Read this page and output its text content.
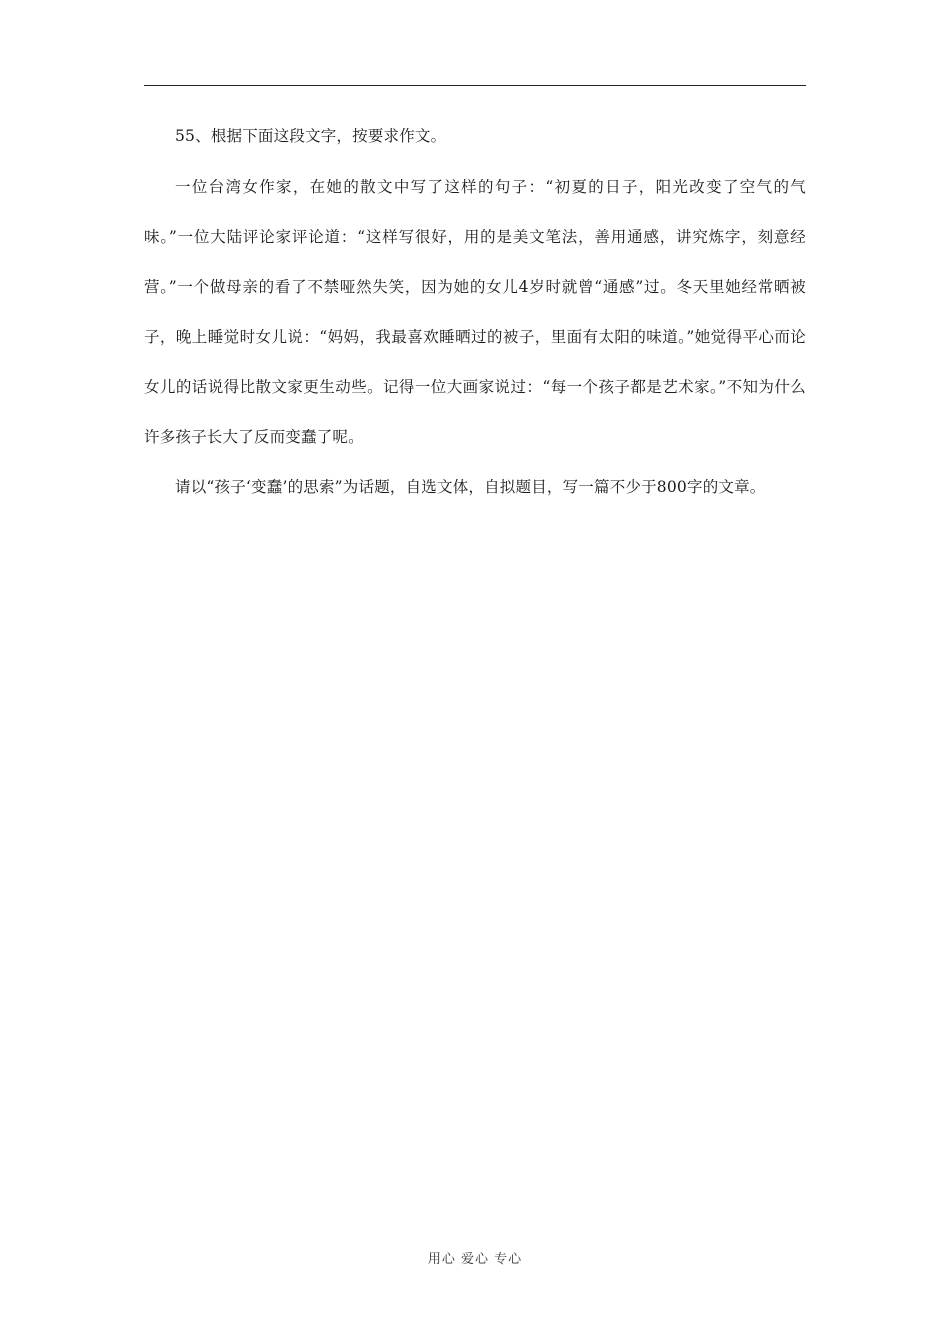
55、根据下面这段文字，按要求作文。

一位台湾女作家，在她的散文中写了这样的句子：“初夏的日子，阳光改变了空气的气味。”一位大陆评论家评论道：“这样写很好，用的是美文笔法，善用通感，讲究炼字，刻意经营。”一个做母亲的看了不禁哑然失笑，因为她的女儿4岁时就曾“通感”过。冬天里她经常晒被子，晚上睡觉时女儿说：“妈妈，我最喜欢睡晒过的被子，里面有太阳的味道。”她觉得平心而论女儿的话说得比散文家更生动些。记得一位大画家说过：“每一个孩子都是艺术家。”不知为什么许多孩子长大了反而变蠢了呢。

请以“孩子‘变蠢’的思索”为话题，自选文体，自拟题目，写一篇不少于800字的文章。

用心 爱心 专心
